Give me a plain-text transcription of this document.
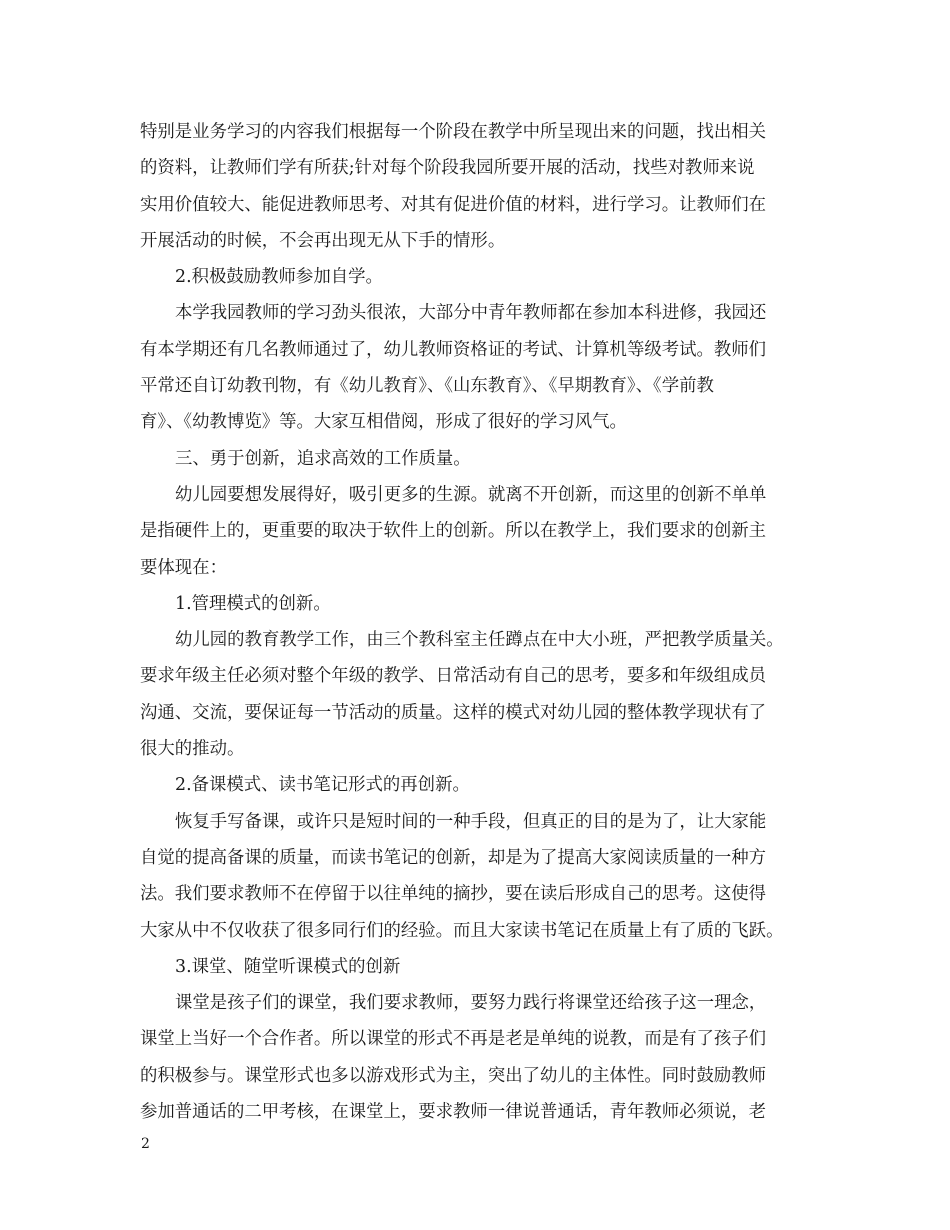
特别是业务学习的内容我们根据每一个阶段在教学中所呈现出来的问题，找出相关
的资料，让教师们学有所获;针对每个阶段我园所要开展的活动，找些对教师来说
实用价值较大、能促进教师思考、对其有促进价值的材料，进行学习。让教师们在
开展活动的时候，不会再出现无从下手的情形。
2.积极鼓励教师参加自学。
本学我园教师的学习劲头很浓，大部分中青年教师都在参加本科进修，我园还
有本学期还有几名教师通过了，幼儿教师资格证的考试、计算机等级考试。教师们
平常还自订幼教刊物，有《幼儿教育》、《山东教育》、《早期教育》、《学前教
育》、《幼教博览》等。大家互相借阅，形成了很好的学习风气。
三、勇于创新，追求高效的工作质量。
幼儿园要想发展得好，吸引更多的生源。就离不开创新，而这里的创新不单单
是指硬件上的，更重要的取决于软件上的创新。所以在教学上，我们要求的创新主
要体现在：
1.管理模式的创新。
幼儿园的教育教学工作，由三个教科室主任蹲点在中大小班，严把教学质量关。
要求年级主任必须对整个年级的教学、日常活动有自己的思考，要多和年级组成员
沟通、交流，要保证每一节活动的质量。这样的模式对幼儿园的整体教学现状有了
很大的推动。
2.备课模式、读书笔记形式的再创新。
恢复手写备课，或许只是短时间的一种手段，但真正的目的是为了，让大家能
自觉的提高备课的质量，而读书笔记的创新，却是为了提高大家阅读质量的一种方
法。我们要求教师不在停留于以往单纯的摘抄，要在读后形成自己的思考。这使得
大家从中不仅收获了很多同行们的经验。而且大家读书笔记在质量上有了质的飞跃。
3.课堂、随堂听课模式的创新
课堂是孩子们的课堂，我们要求教师，要努力践行将课堂还给孩子这一理念，
课堂上当好一个合作者。所以课堂的形式不再是老是单纯的说教，而是有了孩子们
的积极参与。课堂形式也多以游戏形式为主，突出了幼儿的主体性。同时鼓励教师
参加普通话的二甲考核，在课堂上，要求教师一律说普通话，青年教师必须说，老
2
